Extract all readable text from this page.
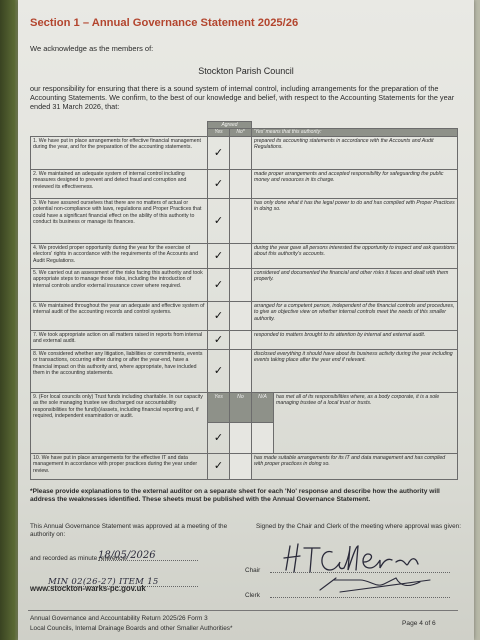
Section 1 – Annual Governance Statement 2025/26
We acknowledge as the members of:
Stockton Parish Council
our responsibility for ensuring that there is a sound system of internal control, including arrangements for the preparation of the Accounting Statements. We confirm, to the best of our knowledge and belief, with respect to the Accounting Statements for the year ended 31 March 2026, that:
	Agreed			
	Yes	No*	'Yes' means that this authority:	
1. We have put in place arrangements for effective financial management during the year, and for the preparation of the accounting statements.	✓		prepared its accounting statements in accordance with the Accounts and Audit Regulations.	
2. We maintained an adequate system of internal control including measures designed to prevent and detect fraud and corruption and reviewed its effectiveness.	✓		made proper arrangements and accepted responsibility for safeguarding the public money and resources in its charge.	
3. We have assured ourselves that there are no matters of actual or potential non-compliance with laws, regulations and Proper Practices that could have a significant financial effect on the ability of this authority to conduct its business or manage its finances.	✓		has only done what it has the legal power to do and has complied with Proper Practices in doing so.	
4. We provided proper opportunity during the year for the exercise of electors' rights in accordance with the requirements of the Accounts and Audit Regulations.	✓		during the year gave all persons interested the opportunity to inspect and ask questions about this authority's accounts.	
5. We carried out an assessment of the risks facing this authority and took appropriate steps to manage those risks, including the introduction of internal controls and/or external insurance cover where required.	✓		considered and documented the financial and other risks it faces and dealt with them properly.	
6. We maintained throughout the year an adequate and effective system of internal audit of the accounting records and control systems.	✓		arranged for a competent person, independent of the financial controls and procedures, to give an objective view on whether internal controls meet the needs of this smaller authority.	
7. We took appropriate action on all matters raised in reports from internal and external audit.	✓		responded to matters brought to its attention by internal and external audit.	
8. We considered whether any litigation, liabilities or commitments, events or transactions, occurring either during or after the year-end, have a financial impact on this authority and, where appropriate, have included them in the accounting statements.	✓		disclosed everything it should have about its business activity during the year including events taking place after the year end if relevant.	
9. (For local councils only) Trust funds including charitable. In our capacity as the sole managing trustee we discharged our accountability responsibilities for the fund(s)/assets, including financial reporting and, if required, independent examination or audit.	Yes	No	N/A	has met all of its responsibilities where, as a body corporate, it is a sole managing trustee of a local trust or trusts.
	✓			
10. We have put in place arrangements for the effective IT and data management in accordance with proper practices during the year under review.	✓		has made suitable arrangements for its IT and data management and has complied with proper practices in doing so.	
*Please provide explanations to the external auditor on a separate sheet for each 'No' response and describe how the authority will address the weaknesses identified. These sheets must be published with the Annual Governance Statement.
This Annual Governance Statement was approved at a meeting of the authority on:
and recorded as minute reference:
18/05/2026
MIN 02(26-27) ITEM 15
Signed by the Chair and Clerk of the meeting where approval was given:
Chair
Clerk
www.stockton-warks-pc.gov.uk
Annual Governance and Accountability Return 2025/26 Form 3
Local Councils, Internal Drainage Boards and other Smaller Authorities*
Page 4 of 6
